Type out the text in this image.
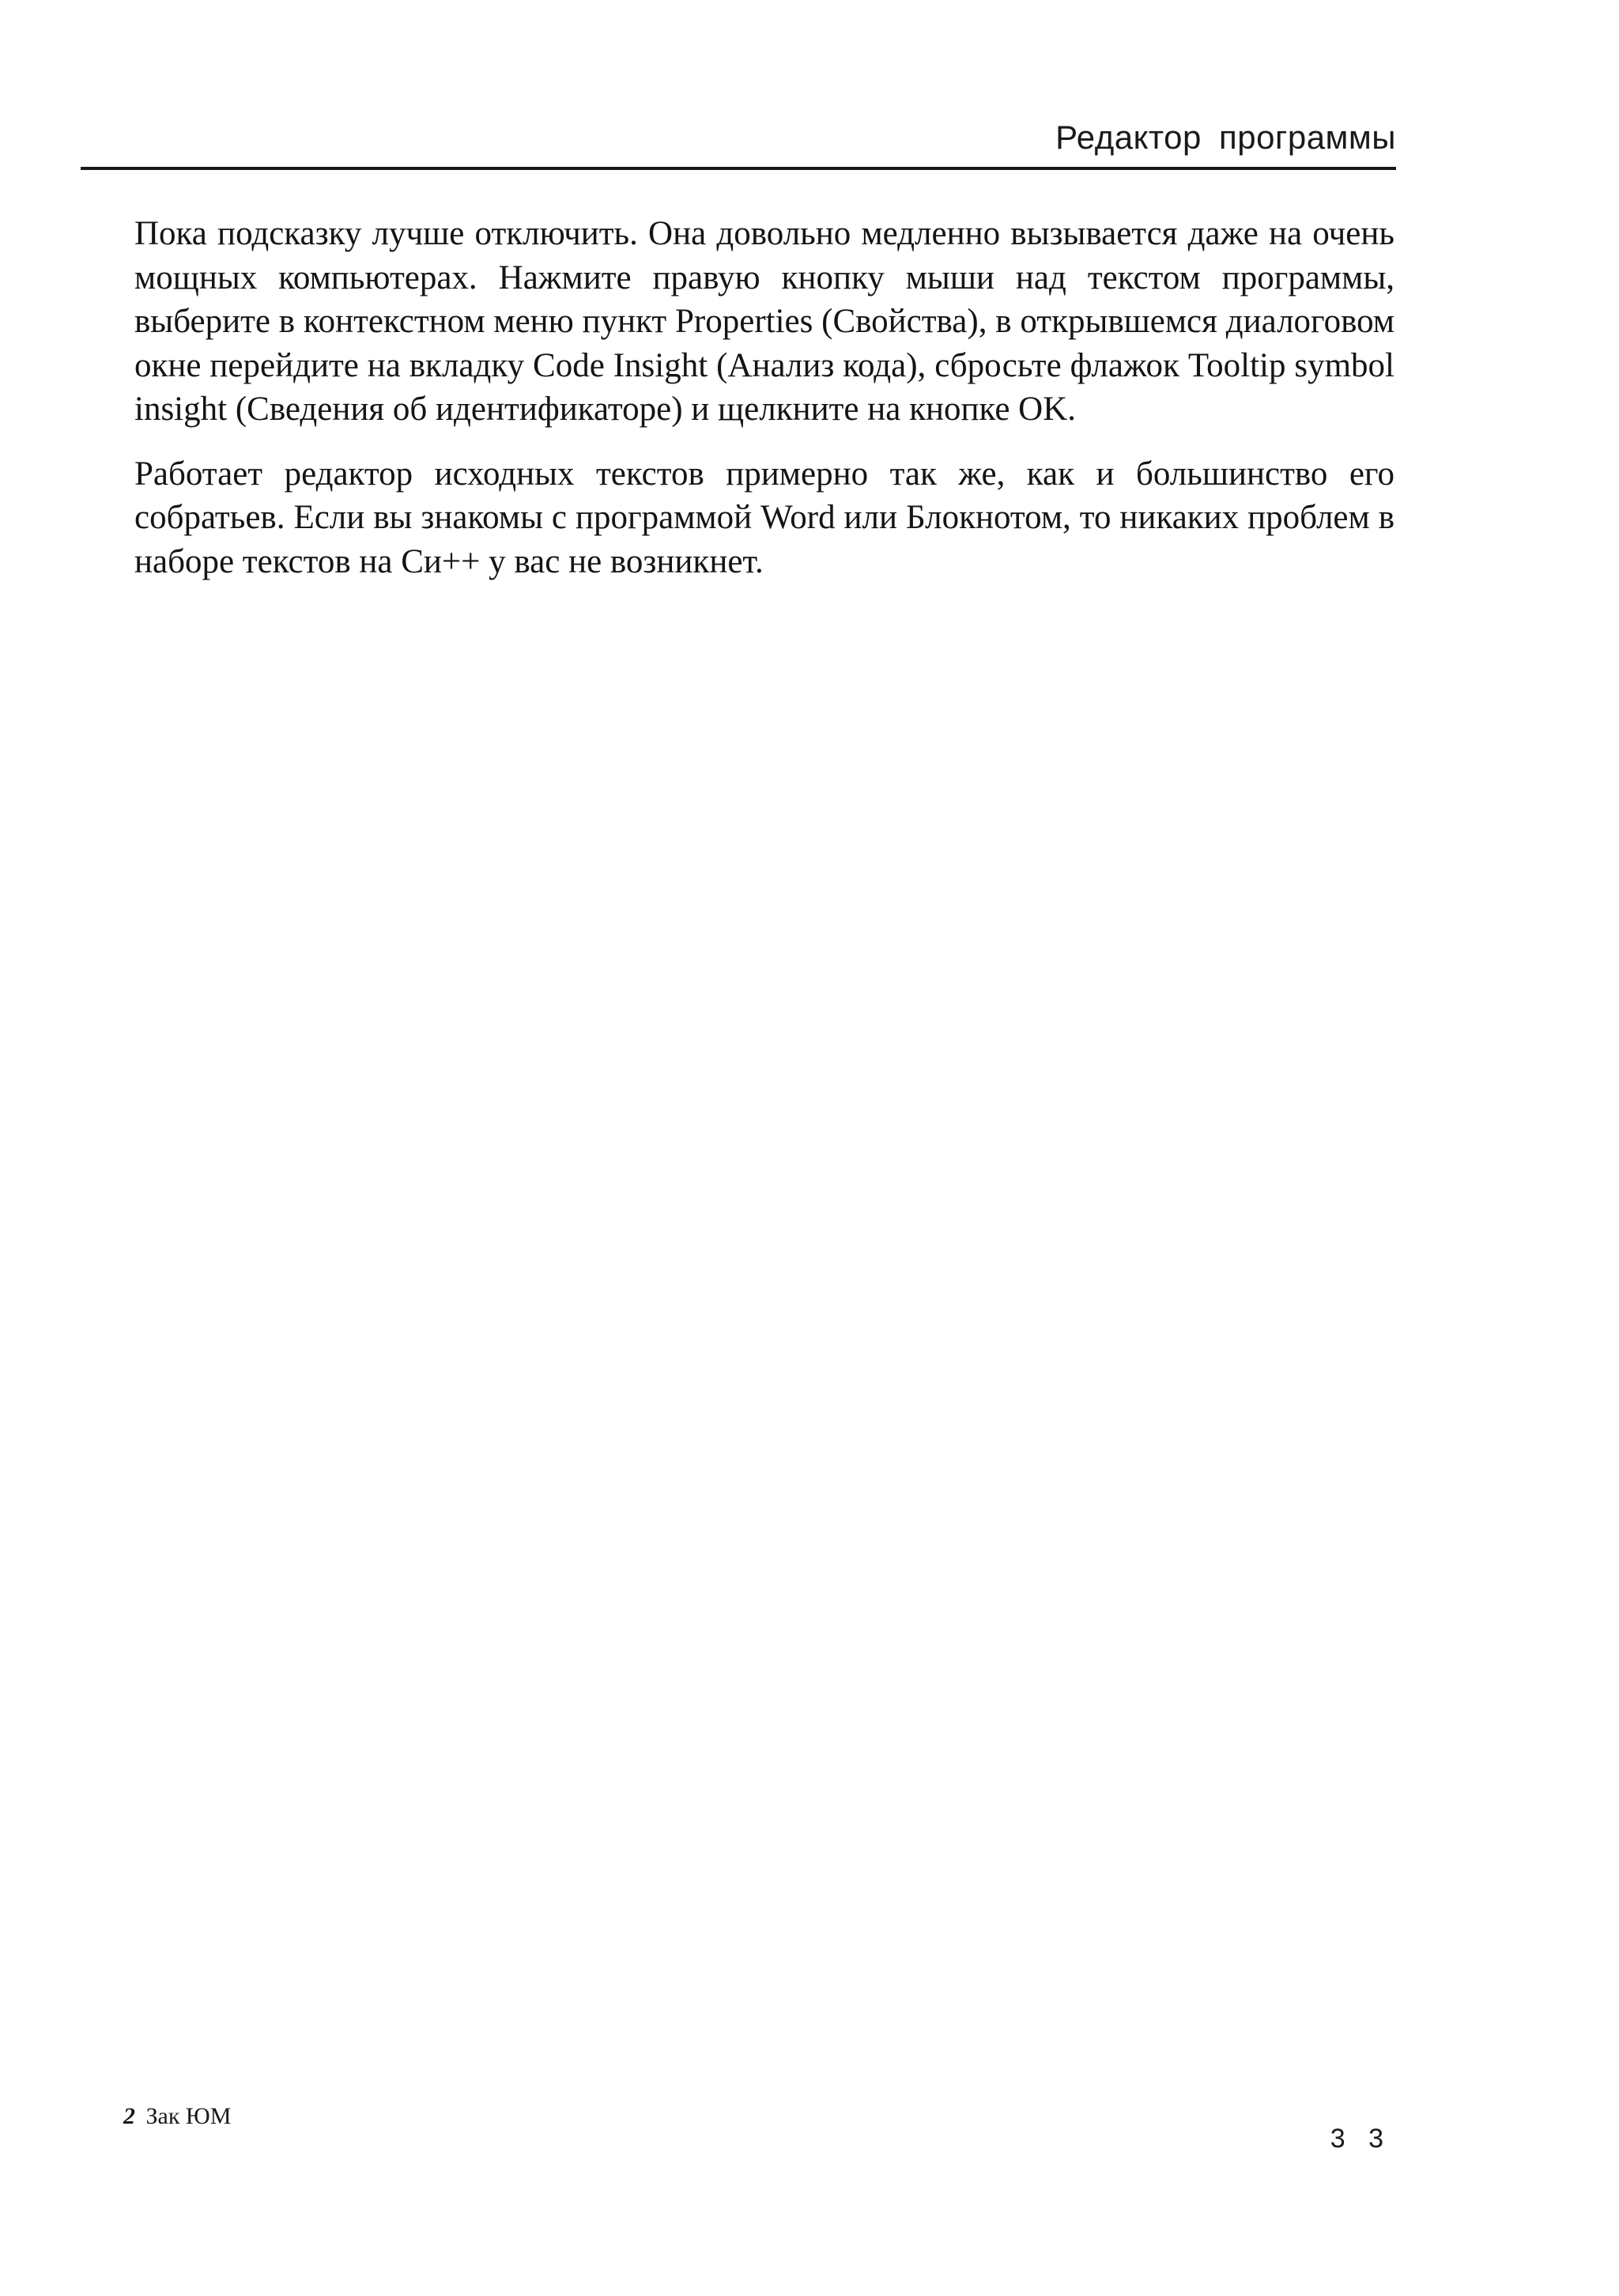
Редактор программы

Пока подсказку лучше отключить. Она довольно медленно вызывается даже на очень мощных компьютерах. Нажмите правую кнопку мыши над текстом программы, выберите в контекстном меню пункт Properties (Свойства), в открывшемся диалоговом окне перейдите на вкладку Code Insight (Анализ кода), сбросьте флажок Tooltip symbol insight (Сведения об идентификаторе) и щелкните на кнопке OK.

Работает редактор исходных текстов примерно так же, как и большинство его собратьев. Если вы знакомы с программой Word или Блокнотом, то никаких проблем в наборе текстов на Си++ у вас не возникнет.

2 Зак ЮМ
3 3
